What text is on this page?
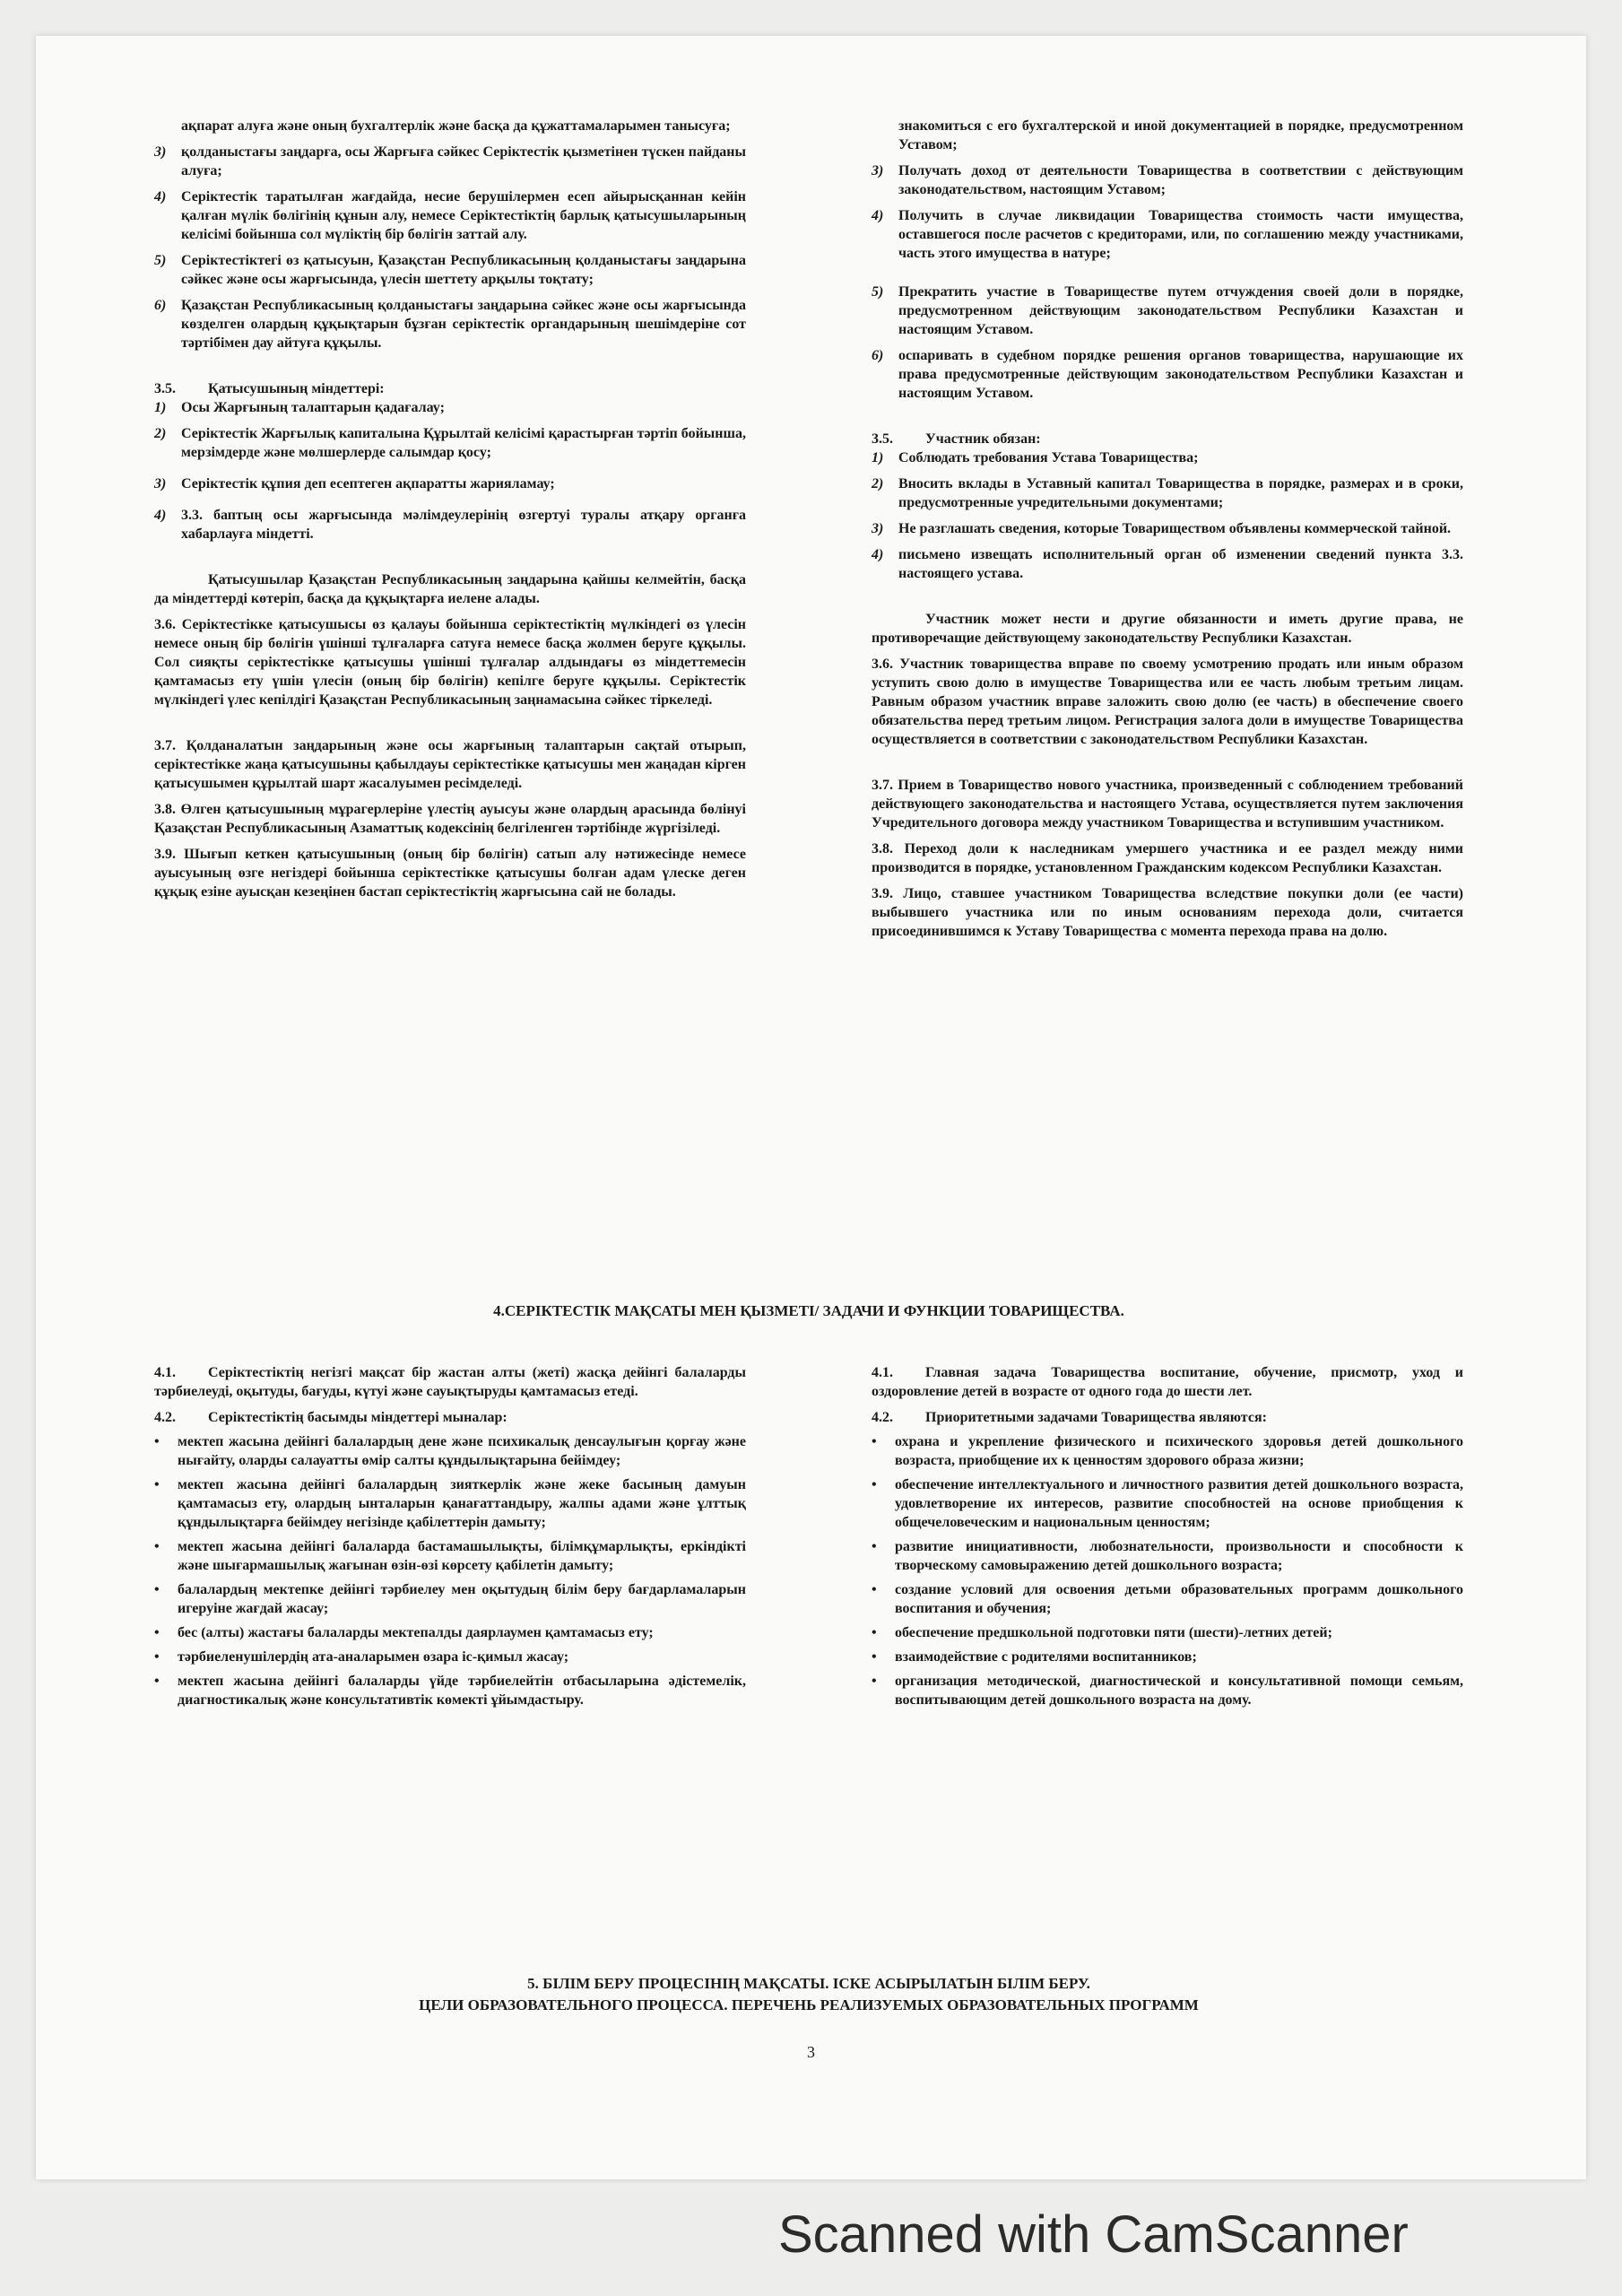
ақпарат алуға және оның бухгалтерлік және басқа да құжаттамаларымен танысуға;

3)	қолданыстағы заңдарға, осы Жарғыға сәйкес Серіктестік қызметінен түскен пайданы алуға;
4)	Серіктестік таратылған жағдайда, несие берушілермен есеп айырысқаннан кейін қалған мүлік бөлігінің құнын алу, немесе Серіктестіктің барлық қатысушыларының келісімі бойынша сол мүліктің бір бөлігін заттай алу.
5)	Серіктестіктегі өз қатысуын, Қазақстан Республикасының қолданыстағы заңдарына сәйкес және осы жарғысында, үлесін шеттету арқылы тоқтату;
6)	Қазақстан Республикасының қолданыстағы заңдарына сәйкес және осы жарғысында көзделген олардың құқықтарын бұзған серіктестік органдарының шешімдеріне сот тәртібімен дау айтуға құқылы.
3.5.	Қатысушының міндеттері:
1)	Осы Жарғының талаптарын қадағалау;
2)	Серіктестік Жарғылық капиталына Құрылтай келісімі қарастырған тәртіп бойынша, мерзімдерде және мөлшерлерде салымдар қосу;
3)	Серіктестік құпия деп есептеген ақпаратты жарияламау;
4)	3.3. баптың осы жарғысында мәлімдеулерінің өзгертуі туралы атқару органға хабарлауға міндетті.

Қатысушылар Қазақстан Республикасының заңдарына қайшы келмейтін, басқа да міндеттерді көтеріп, басқа да құқықтарға иелене алады.

3.6. Серіктестікке қатысушысы өз қалауы бойынша серіктестіктің мүлкіндегі өз үлесін немесе оның бір бөлігін үшінші тұлғаларға сатуға немесе басқа жолмен беруге құқылы. Сол сияқты серіктестікке қатысушы үшінші тұлғалар алдындағы өз міндеттемесін қамтамасыз ету үшін үлесін (оның бір бөлігін) кепілге беруге құқылы. Серіктестік мүлкіндегі үлес кепілдігі Қазақстан Республикасының заңнамасына сәйкес тіркеледі.

3.7. Қолданалатын заңдарының және осы жарғының талаптарын сақтай отырып, серіктестікке жаңа қатысушыны қабылдауы серіктестікке қатысушы мен жаңадан кірген қатысушымен құрылтай шарт жасалуымен ресімделеді.

3.8. Өлген қатысушының мұрагерлеріне үлестің ауысуы және олардың арасында бөлінуі Қазақстан Республикасының Азаматтық кодексінің белгіленген тәртібінде жүргізіледі.

3.9. Шығып кеткен қатысушының (оның бір бөлігін) сатып алу нәтижесінде немесе ауысуының өзге негіздері бойынша серіктестікке қатысушы болған адам үлеске деген құқық езіне ауысқан кезеңінен бастап серіктестіктің жарғысына сай не болады.

знакомиться с его бухгалтерской и иной документацией в порядке, предусмотренном Уставом;

3)	Получать доход от деятельности Товарищества в соответствии с действующим законодательством, настоящим Уставом;
4)	Получить в случае ликвидации Товарищества стоимость части имущества, оставшегося после расчетов с кредиторами, или, по соглашению между участниками, часть этого имущества в натуре;
5)	Прекратить участие в Товариществе путем отчуждения своей доли в порядке, предусмотренном действующим законодательством Республики Казахстан и настоящим Уставом.
6)	оспаривать в судебном порядке решения органов товарищества, нарушающие их права предусмотренные действующим законодательством Республики Казахстан и настоящим Уставом.
3.5.	Участник обязан:
1)	Соблюдать требования Устава Товарищества;
2)	Вносить вклады в Уставный капитал Товарищества в порядке, размерах и в сроки, предусмотренные учредительными документами;
3)	Не разглашать сведения, которые Товариществом объявлены коммерческой тайной.
4)	письмено извещать исполнительный орган об изменении сведений пункта 3.3. настоящего устава.

Участник может нести и другие обязанности и иметь другие права, не противоречащие действующему законодательству Республики Казахстан.

3.6. Участник товарищества вправе по своему усмотрению продать или иным образом уступить свою долю в имуществе Товарищества или ее часть любым третьим лицам. Равным образом участник вправе заложить свою долю (ее часть) в обеспечение своего обязательства перед третьим лицом. Регистрация залога доли в имуществе Товарищества осуществляется в соответствии с законодательством Республики Казахстан.

3.7. Прием в Товарищество нового участника, произведенный с соблюдением требований действующего законодательства и настоящего Устава, осуществляется путем заключения Учредительного договора между участником Товарищества и вступившим участником.

3.8. Переход доли к наследникам умершего участника и ее раздел между ними производится в порядке, установленном Гражданским кодексом Республики Казахстан.

3.9. Лицо, ставшее участником Товарищества вследствие покупки доли (ее части) выбывшего участника или по иным основаниям перехода доли, считается присоединившимся к Уставу Товарищества с момента перехода права на долю.

4.СЕРІКТЕСТІК МАҚСАТЫ МЕН ҚЫЗМЕТІ/ ЗАДАЧИ И ФУНКЦИИ ТОВАРИЩЕСТВА.

4.1. Серіктестіктің негізгі мақсат бір жастан алты (жеті) жасқа дейінгі балаларды тәрбиелеуді, оқытуды, бағуды, күтуі және сауықтыруды қамтамасыз етеді.

4.2.	Серіктестіктің басымды міндеттері мыналар:
•	мектеп жасына дейінгі балалардың дене және психикалық денсаулығын қорғау және нығайту, оларды салауатты өмір салты құндылықтарына бейімдеу;
•	мектеп жасына дейінгі балалардың зияткерлік және жеке басының дамуын қамтамасыз ету, олардың ынталарын қанағаттандыру, жалпы адами және ұлттық құндылықтарға бейімдеу негізінде қабілеттерін дамыту;
•	мектеп жасына дейінгі балаларда бастамашылықты, білімқұмарлықты, еркіндікті және шығармашылық жағынан өзін-өзі көрсету қабілетін дамыту;
•	балалардың мектепке дейінгі тәрбиелеу мен оқытудың білім беру бағдарламаларын игеруіне жағдай жасау;
•	бес (алты) жастағы балаларды мектепалды даярлаумен қамтамасыз ету;
•	тәрбиеленушілердің ата-аналарымен өзара іс-қимыл жасау;
•	мектеп жасына дейінгі балаларды үйде тәрбиелейтін отбасыларына әдістемелік, диагностикалық және консультативтік көмекті ұйымдастыру.

4.1. Главная задача Товарищества воспитание, обучение, присмотр, уход и оздоровление детей в возрасте от одного года до шести лет.

4.2.	Приоритетными задачами Товарищества являются:
•	охрана и укрепление физического и психического здоровья детей дошкольного возраста, приобщение их к ценностям здорового образа жизни;
•	обеспечение интеллектуального и личностного развития детей дошкольного возраста, удовлетворение их интересов, развитие способностей на основе приобщения к общечеловеческим и национальным ценностям;
•	развитие инициативности, любознательности, произвольности и способности к творческому самовыражению детей дошкольного возраста;
•	создание условий для освоения детьми образовательных программ дошкольного воспитания и обучения;
•	обеспечение предшкольной подготовки пяти (шести)-летних детей;
•	взаимодействие с родителями воспитанников;
•	организация методической, диагностической и консультативной помощи семьям, воспитывающим детей дошкольного возраста на дому.
5. БІЛІМ БЕРУ ПРОЦЕСІНІҢ МАҚСАТЫ. ІСКЕ АСЫРЫЛАТЫН БІЛІМ БЕРУ.
ЦЕЛИ ОБРАЗОВАТЕЛЬНОГО ПРОЦЕССА. ПЕРЕЧЕНЬ РЕАЛИЗУЕМЫХ ОБРАЗОВАТЕЛЬНЫХ ПРОГРАММ
3
Scanned with CamScanner
